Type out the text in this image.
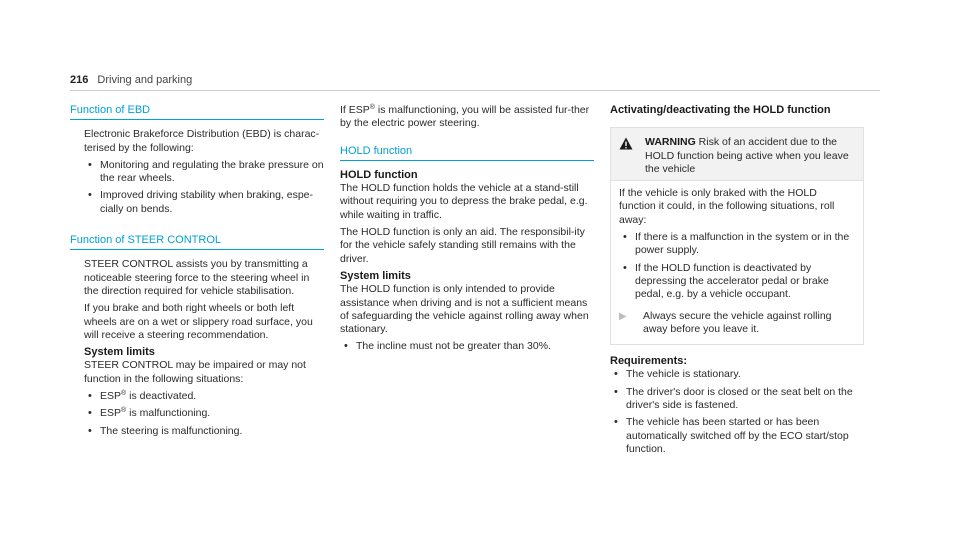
216 Driving and parking
Function of EBD

Electronic Brakeforce Distribution (EBD) is charac-terised by the following:

• Monitoring and regulating the brake pressure on the rear wheels.
• Improved driving stability when braking, espe-cially on bends.
Function of STEER CONTROL

STEER CONTROL assists you by transmitting a noticeable steering force to the steering wheel in the direction required for vehicle stabilisation.

If you brake and both right wheels or both left wheels are on a wet or slippery road surface, you will receive a steering recommendation.

System limits

STEER CONTROL may be impaired or may not function in the following situations:

• ESP® is deactivated.
• ESP® is malfunctioning.
• The steering is malfunctioning.

If ESP® is malfunctioning, you will be assisted fur-ther by the electric power steering.

HOLD function
HOLD function

The HOLD function holds the vehicle at a stand-still without requiring you to depress the brake pedal, e.g. while waiting in traffic.

The HOLD function is only an aid. The responsibil-ity for the vehicle safely standing still remains with the driver.

System limits

The HOLD function is only intended to provide assistance when driving and is not a sufficient means of safeguarding the vehicle against rolling away when stationary.

• The incline must not be greater than 30%.
Activating/deactivating the HOLD function
WARNING Risk of an accident due to the HOLD function being active when you leave the vehicle

If the vehicle is only braked with the HOLD function it could, in the following situations, roll away:

• If there is a malfunction in the system or in the power supply.
• If the HOLD function is deactivated by depressing the accelerator pedal or brake pedal, e.g. by a vehicle occupant.
▶	Always secure the vehicle against rolling away before you leave it.
Requirements:
• The vehicle is stationary.
• The driver's door is closed or the seat belt on the driver's side is fastened.
• The vehicle has been started or has been automatically switched off by the ECO start/stop function.
